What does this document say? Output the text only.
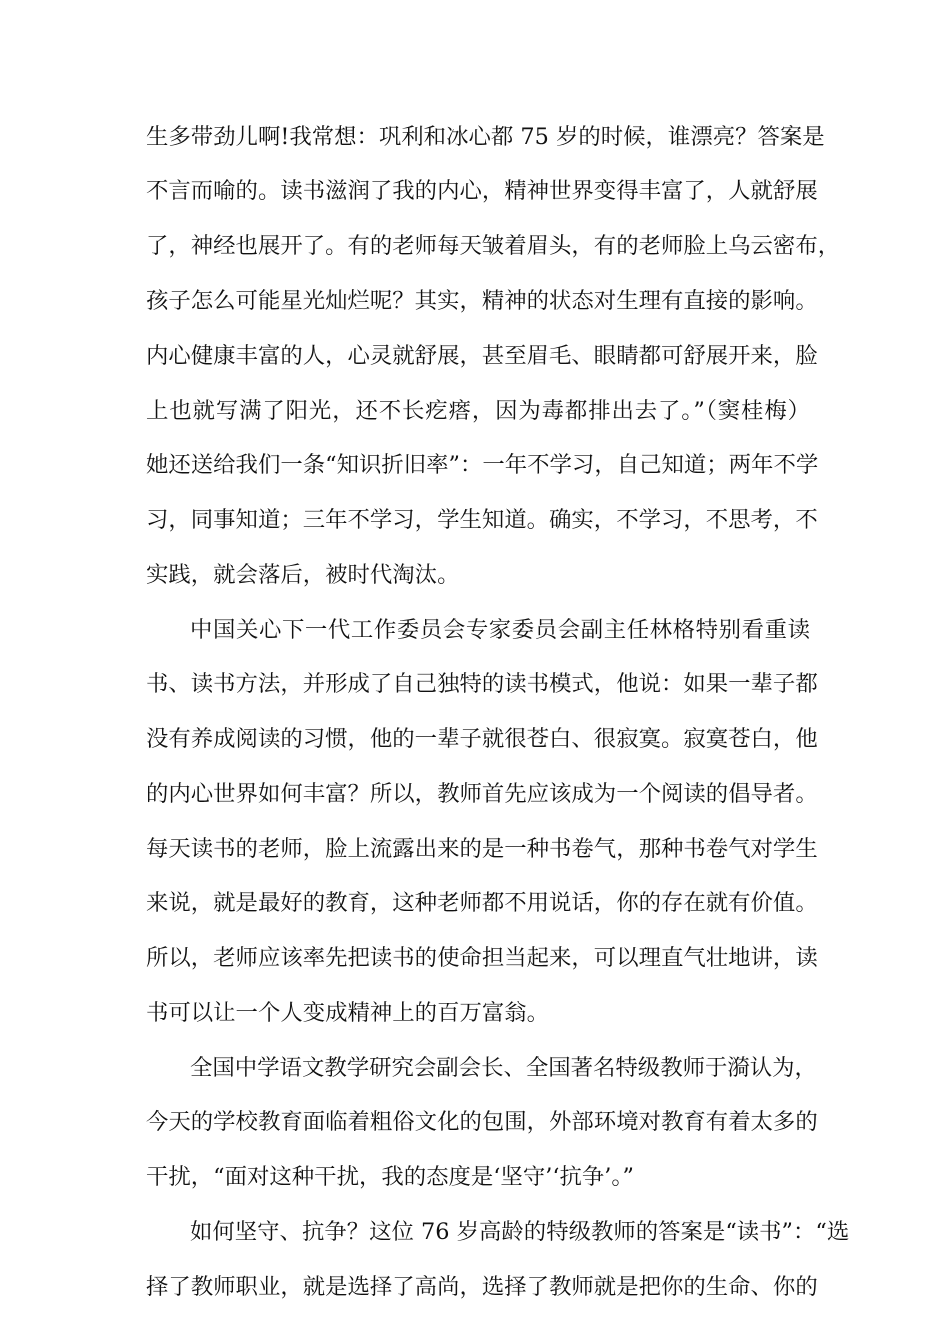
生多带劲儿啊!我常想：巩利和冰心都 75 岁的时候，谁漂亮？答案是
不言而喻的。读书滋润了我的内心，精神世界变得丰富了，人就舒展
了，神经也展开了。有的老师每天皱着眉头，有的老师脸上乌云密布，
孩子怎么可能星光灿烂呢？其实，精神的状态对生理有直接的影响。
内心健康丰富的人，心灵就舒展，甚至眉毛、眼睛都可舒展开来，脸
上也就写满了阳光，还不长疙瘩，因为毒都排出去了。”（窦桂梅）
她还送给我们一条“知识折旧率”：一年不学习，自己知道；两年不学
习，同事知道；三年不学习，学生知道。确实，不学习，不思考，不
实践，就会落后，被时代淘汰。
中国关心下一代工作委员会专家委员会副主任林格特别看重读
书、读书方法，并形成了自己独特的读书模式，他说：如果一辈子都
没有养成阅读的习惯，他的一辈子就很苍白、很寂寞。寂寞苍白，他
的内心世界如何丰富？所以，教师首先应该成为一个阅读的倡导者。
每天读书的老师，脸上流露出来的是一种书卷气，那种书卷气对学生
来说，就是最好的教育，这种老师都不用说话，你的存在就有价值。
所以，老师应该率先把读书的使命担当起来，可以理直气壮地讲，读
书可以让一个人变成精神上的百万富翁。
全国中学语文教学研究会副会长、全国著名特级教师于漪认为，
今天的学校教育面临着粗俗文化的包围，外部环境对教育有着太多的
干扰，“面对这种干扰，我的态度是‘坚守’‘抗争’。”
如何坚守、抗争？这位 76 岁高龄的特级教师的答案是“读书”：“选
择了教师职业，就是选择了高尚，选择了教师就是把你的生命、你的
